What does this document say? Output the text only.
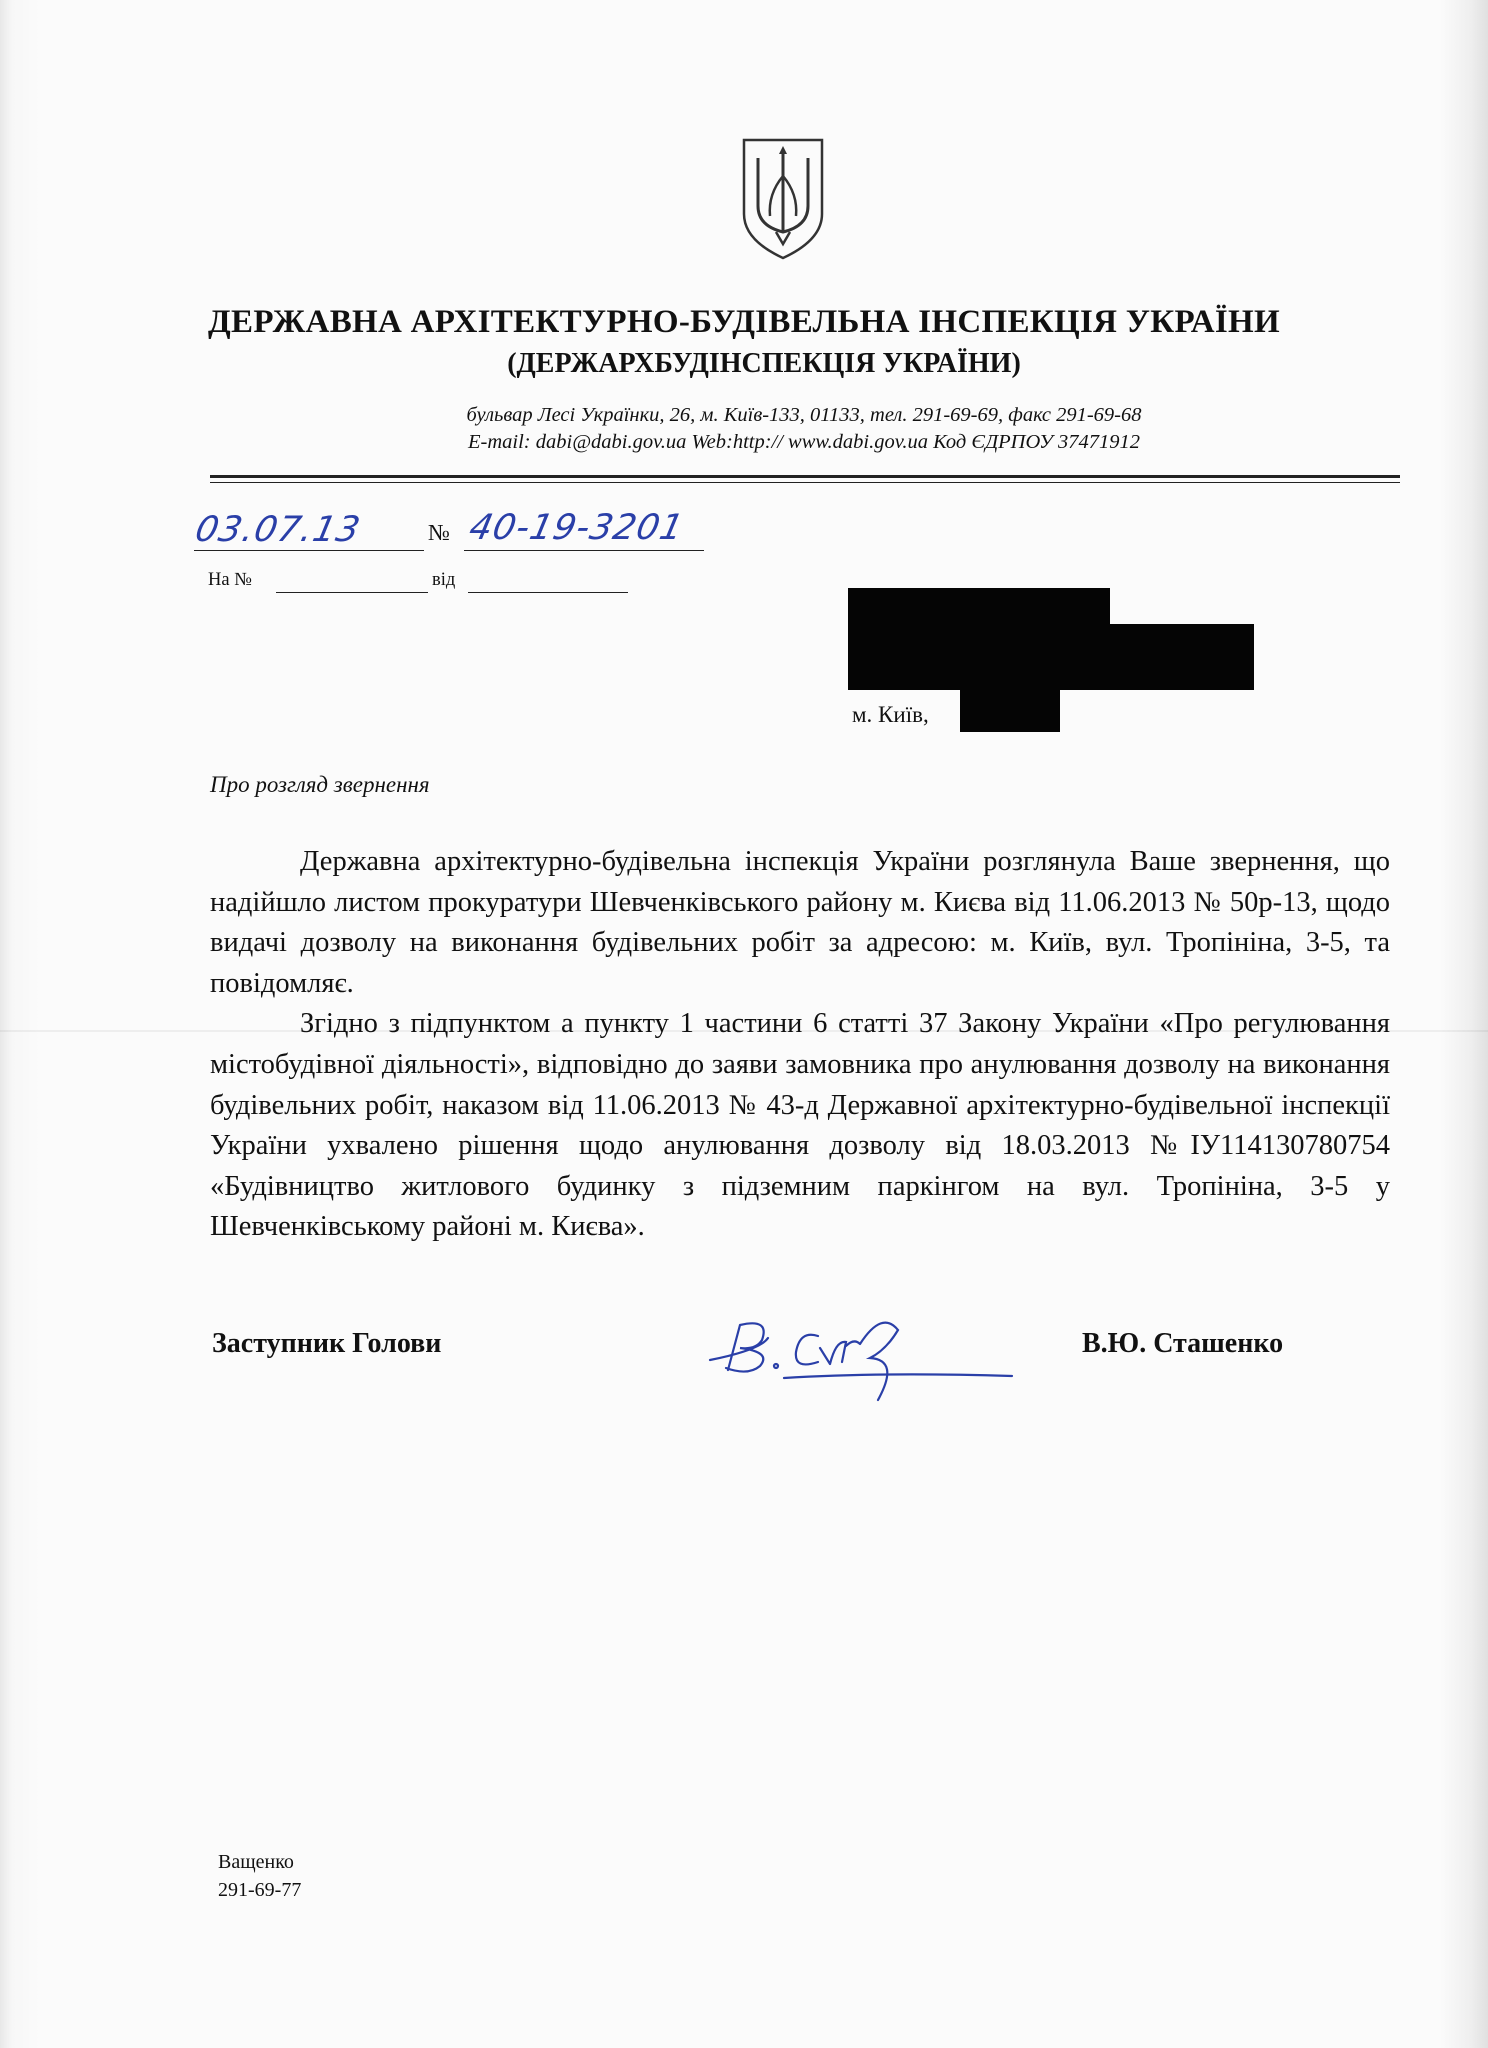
ДЕРЖАВНА АРХІТЕКТУРНО-БУДІВЕЛЬНА ІНСПЕКЦІЯ УКРАЇНИ
(ДЕРЖАРХБУДІНСПЕКЦІЯ УКРАЇНИ)
бульвар Лесі Українки, 26, м. Київ-133, 01133, тел. 291-69-69, факс 291-69-68
E-mail: dabi@dabi.gov.ua Web:http:// www.dabi.gov.ua Код ЄДРПОУ 37471912
03.07.13	№ 40-19-3201
На №	від
м. Київ,
Про розгляд звернення

Державна архітектурно-будівельна інспекція України розглянула Ваше звернення, що надійшло листом прокуратури Шевченківського району м. Києва від 11.06.2013 № 50р-13, щодо видачі дозволу на виконання будівельних робіт за адресою: м. Київ, вул. Тропініна, 3-5, та повідомляє.

Згідно з підпунктом а пункту 1 частини 6 статті 37 Закону України «Про регулювання містобудівної діяльності», відповідно до заяви замовника про анулювання дозволу на виконання будівельних робіт, наказом від 11.06.2013 № 43-д Державної архітектурно-будівельної інспекції України ухвалено рішення щодо анулювання дозволу від 18.03.2013 №ІУ114130780754 «Будівництво житлового будинку з підземним паркінгом на вул. Тропініна, 3-5 у Шевченківському районі м. Києва».

Заступник Голови	В.Ю. Сташенко
Ващенко
291-69-77
